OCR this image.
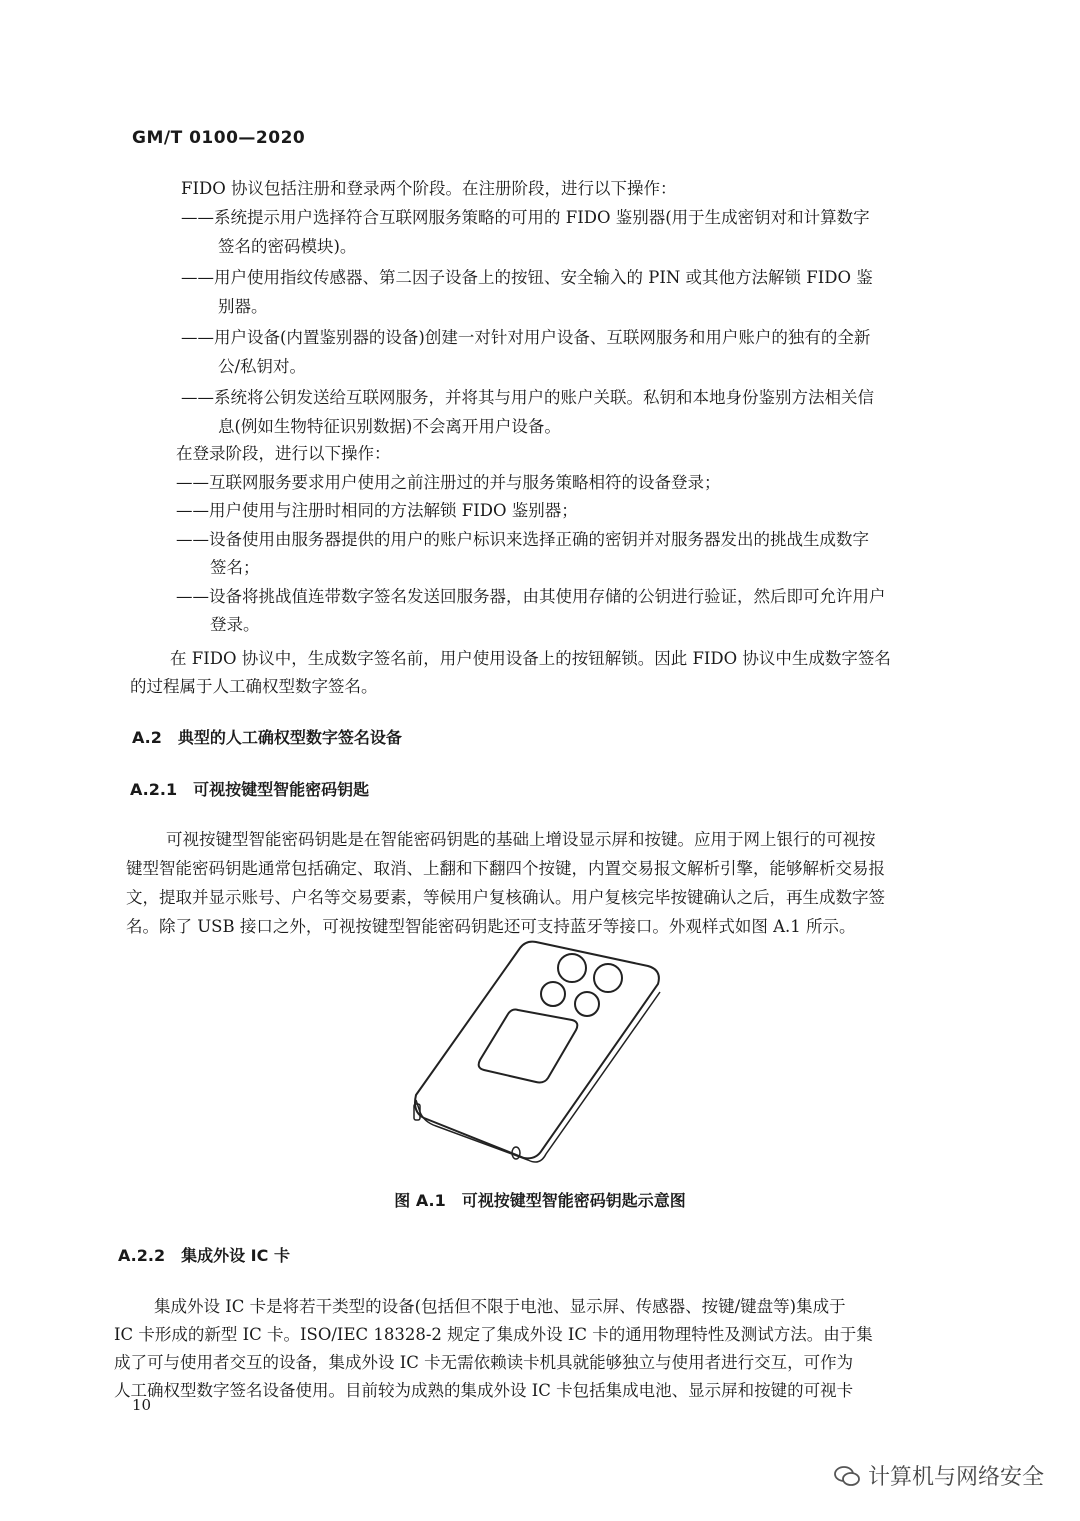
GM/T 0100—2020
FIDO 协议包括注册和登录两个阶段。在注册阶段，进行以下操作：
——系统提示用户选择符合互联网服务策略的可用的 FIDO 鉴别器(用于生成密钥对和计算数字
签名的密码模块)。
——用户使用指纹传感器、第二因子设备上的按钮、安全输入的 PIN 或其他方法解锁 FIDO 鉴
别器。
——用户设备(内置鉴别器的设备)创建一对针对用户设备、互联网服务和用户账户的独有的全新
公/私钥对。
——系统将公钥发送给互联网服务，并将其与用户的账户关联。私钥和本地身份鉴别方法相关信
息(例如生物特征识别数据)不会离开用户设备。
在登录阶段，进行以下操作：
——互联网服务要求用户使用之前注册过的并与服务策略相符的设备登录；
——用户使用与注册时相同的方法解锁 FIDO 鉴别器；
——设备使用由服务器提供的用户的账户标识来选择正确的密钥并对服务器发出的挑战生成数字
签名；
——设备将挑战值连带数字签名发送回服务器，由其使用存储的公钥进行验证，然后即可允许用户
登录。
在 FIDO 协议中，生成数字签名前，用户使用设备上的按钮解锁。因此 FIDO 协议中生成数字签名
的过程属于人工确权型数字签名。
A.2　典型的人工确权型数字签名设备
A.2.1　可视按键型智能密码钥匙
可视按键型智能密码钥匙是在智能密码钥匙的基础上增设显示屏和按键。应用于网上银行的可视按
键型智能密码钥匙通常包括确定、取消、上翻和下翻四个按键，内置交易报文解析引擎，能够解析交易报
文，提取并显示账号、户名等交易要素，等候用户复核确认。用户复核完毕按键确认之后，再生成数字签
名。除了 USB 接口之外，可视按键型智能密码钥匙还可支持蓝牙等接口。外观样式如图 A.1 所示。
图 A.1　可视按键型智能密码钥匙示意图
A.2.2　集成外设 IC 卡
集成外设 IC 卡是将若干类型的设备(包括但不限于电池、显示屏、传感器、按键/键盘等)集成于
IC 卡形成的新型 IC 卡。ISO/IEC 18328-2 规定了集成外设 IC 卡的通用物理特性及测试方法。由于集
成了可与使用者交互的设备，集成外设 IC 卡无需依赖读卡机具就能够独立与使用者进行交互，可作为
人工确权型数字签名设备使用。目前较为成熟的集成外设 IC 卡包括集成电池、显示屏和按键的可视卡
10
计算机与网络安全
